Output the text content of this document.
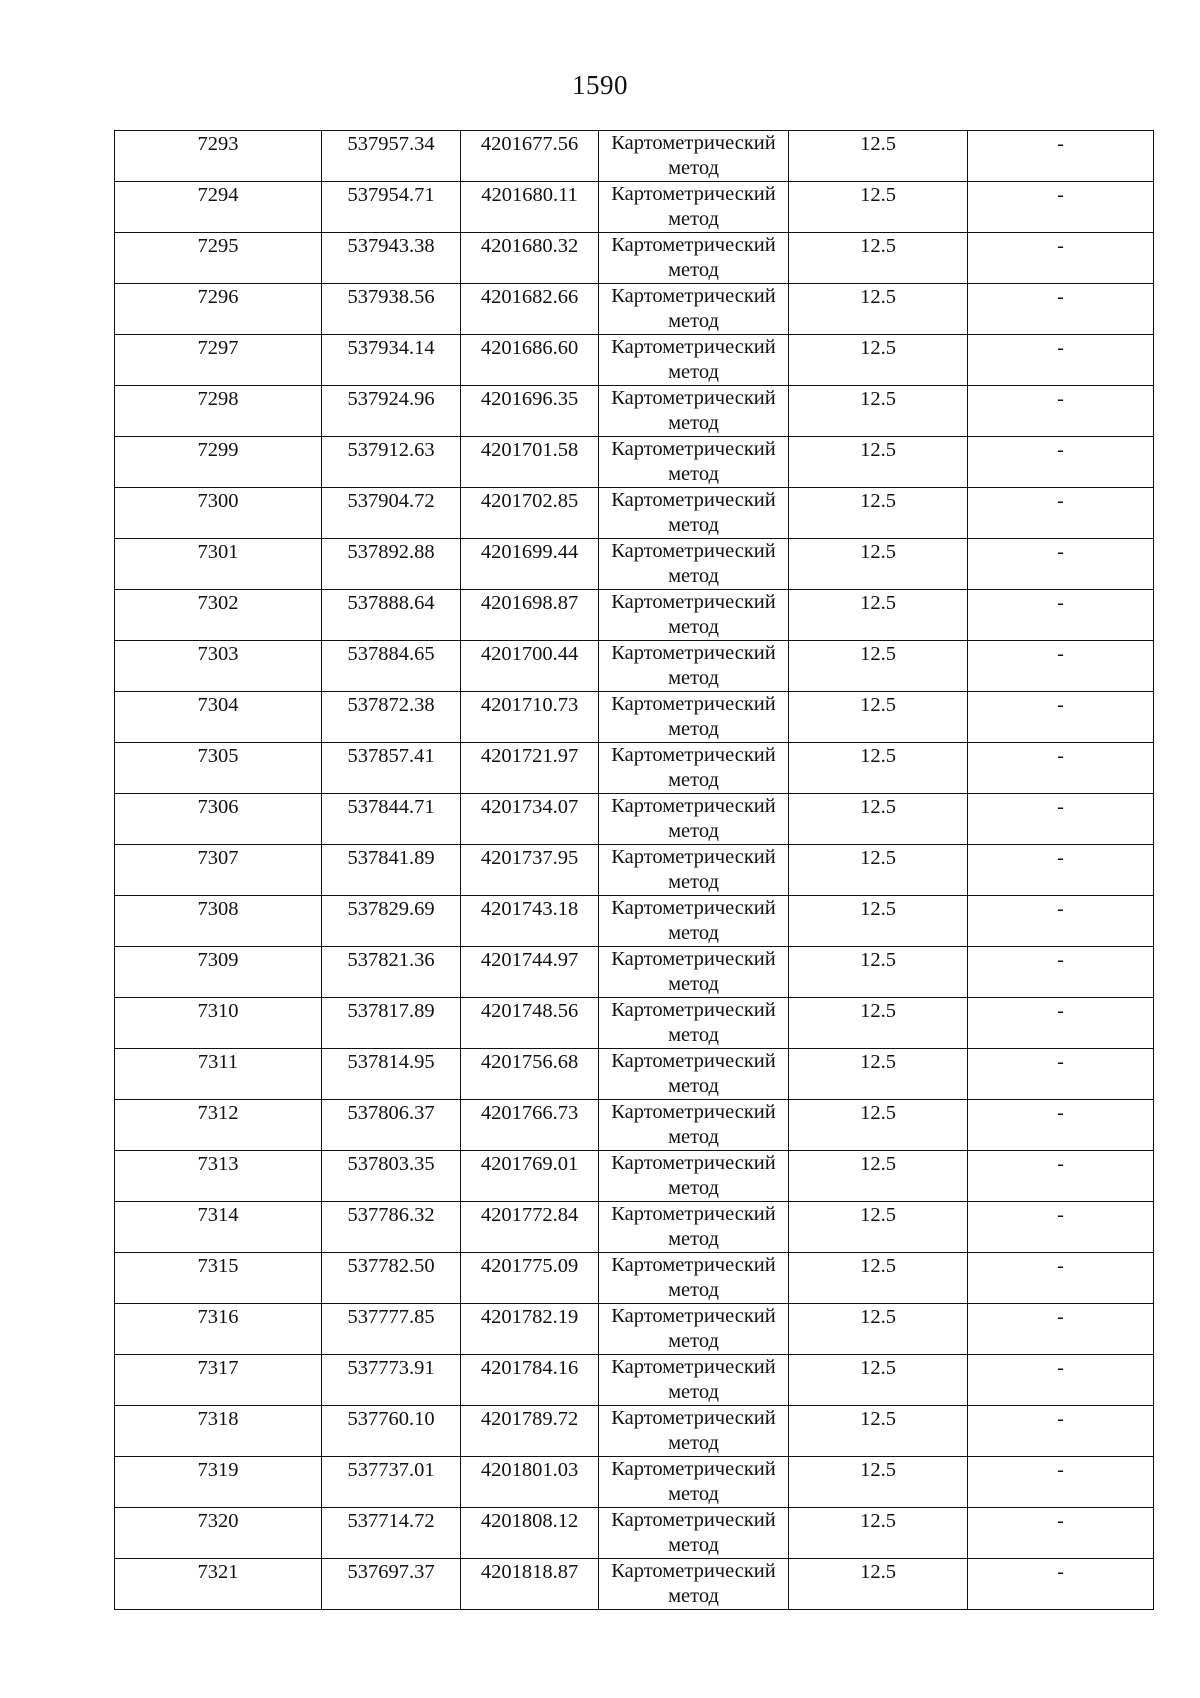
1590
7293	537957.34	4201677.56	Картометрический метод	12.5	-
7294	537954.71	4201680.11	Картометрический метод	12.5	-
7295	537943.38	4201680.32	Картометрический метод	12.5	-
7296	537938.56	4201682.66	Картометрический метод	12.5	-
7297	537934.14	4201686.60	Картометрический метод	12.5	-
7298	537924.96	4201696.35	Картометрический метод	12.5	-
7299	537912.63	4201701.58	Картометрический метод	12.5	-
7300	537904.72	4201702.85	Картометрический метод	12.5	-
7301	537892.88	4201699.44	Картометрический метод	12.5	-
7302	537888.64	4201698.87	Картометрический метод	12.5	-
7303	537884.65	4201700.44	Картометрический метод	12.5	-
7304	537872.38	4201710.73	Картометрический метод	12.5	-
7305	537857.41	4201721.97	Картометрический метод	12.5	-
7306	537844.71	4201734.07	Картометрический метод	12.5	-
7307	537841.89	4201737.95	Картометрический метод	12.5	-
7308	537829.69	4201743.18	Картометрический метод	12.5	-
7309	537821.36	4201744.97	Картометрический метод	12.5	-
7310	537817.89	4201748.56	Картометрический метод	12.5	-
7311	537814.95	4201756.68	Картометрический метод	12.5	-
7312	537806.37	4201766.73	Картометрический метод	12.5	-
7313	537803.35	4201769.01	Картометрический метод	12.5	-
7314	537786.32	4201772.84	Картометрический метод	12.5	-
7315	537782.50	4201775.09	Картометрический метод	12.5	-
7316	537777.85	4201782.19	Картометрический метод	12.5	-
7317	537773.91	4201784.16	Картометрический метод	12.5	-
7318	537760.10	4201789.72	Картометрический метод	12.5	-
7319	537737.01	4201801.03	Картометрический метод	12.5	-
7320	537714.72	4201808.12	Картометрический метод	12.5	-
7321	537697.37	4201818.87	Картометрический метод	12.5	-
